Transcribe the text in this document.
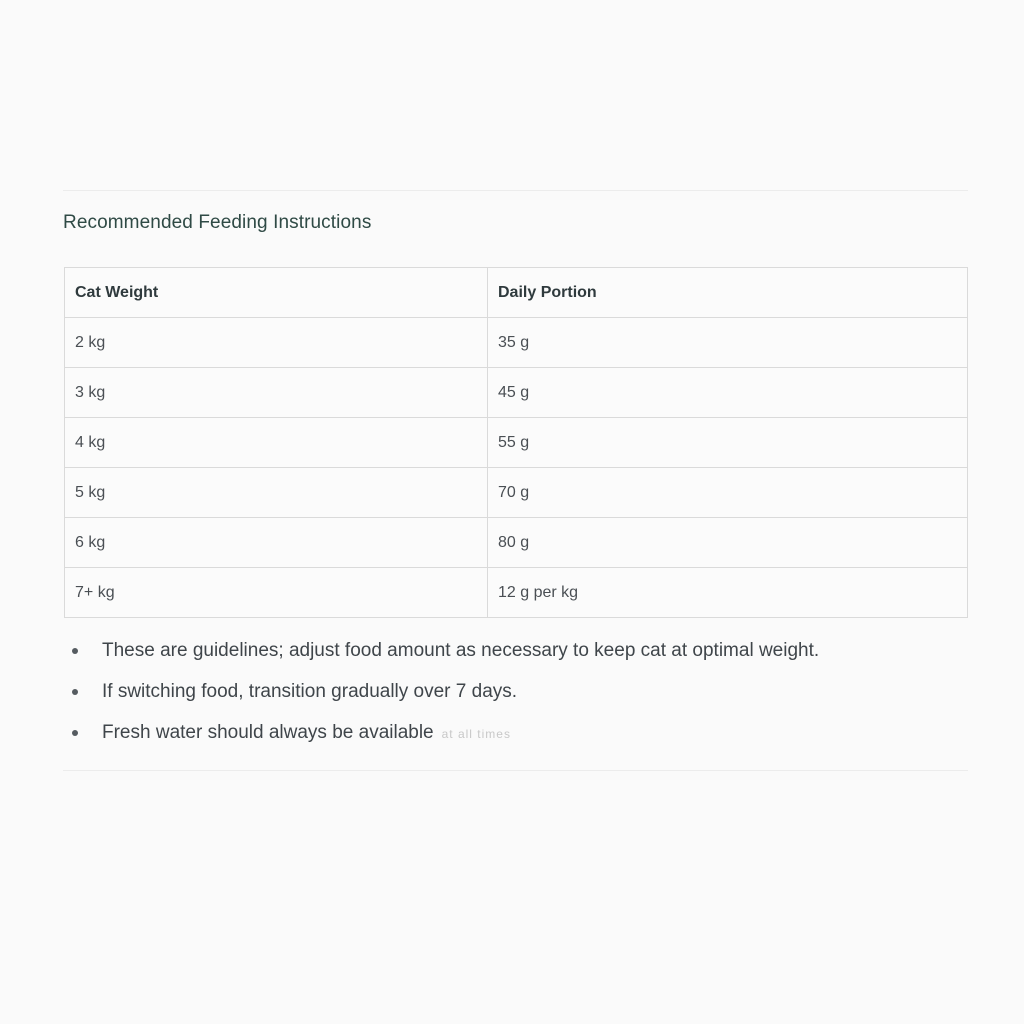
Recommended Feeding Instructions
Cat Weight	Daily Portion
2 kg	35 g
3 kg	45 g
4 kg	55 g
5 kg	70 g
6 kg	80 g
7+ kg	12 g per kg
These are guidelines; adjust food amount as necessary to keep cat at optimal weight.
If switching food, transition gradually over 7 days.
Fresh water should always be available at all times
